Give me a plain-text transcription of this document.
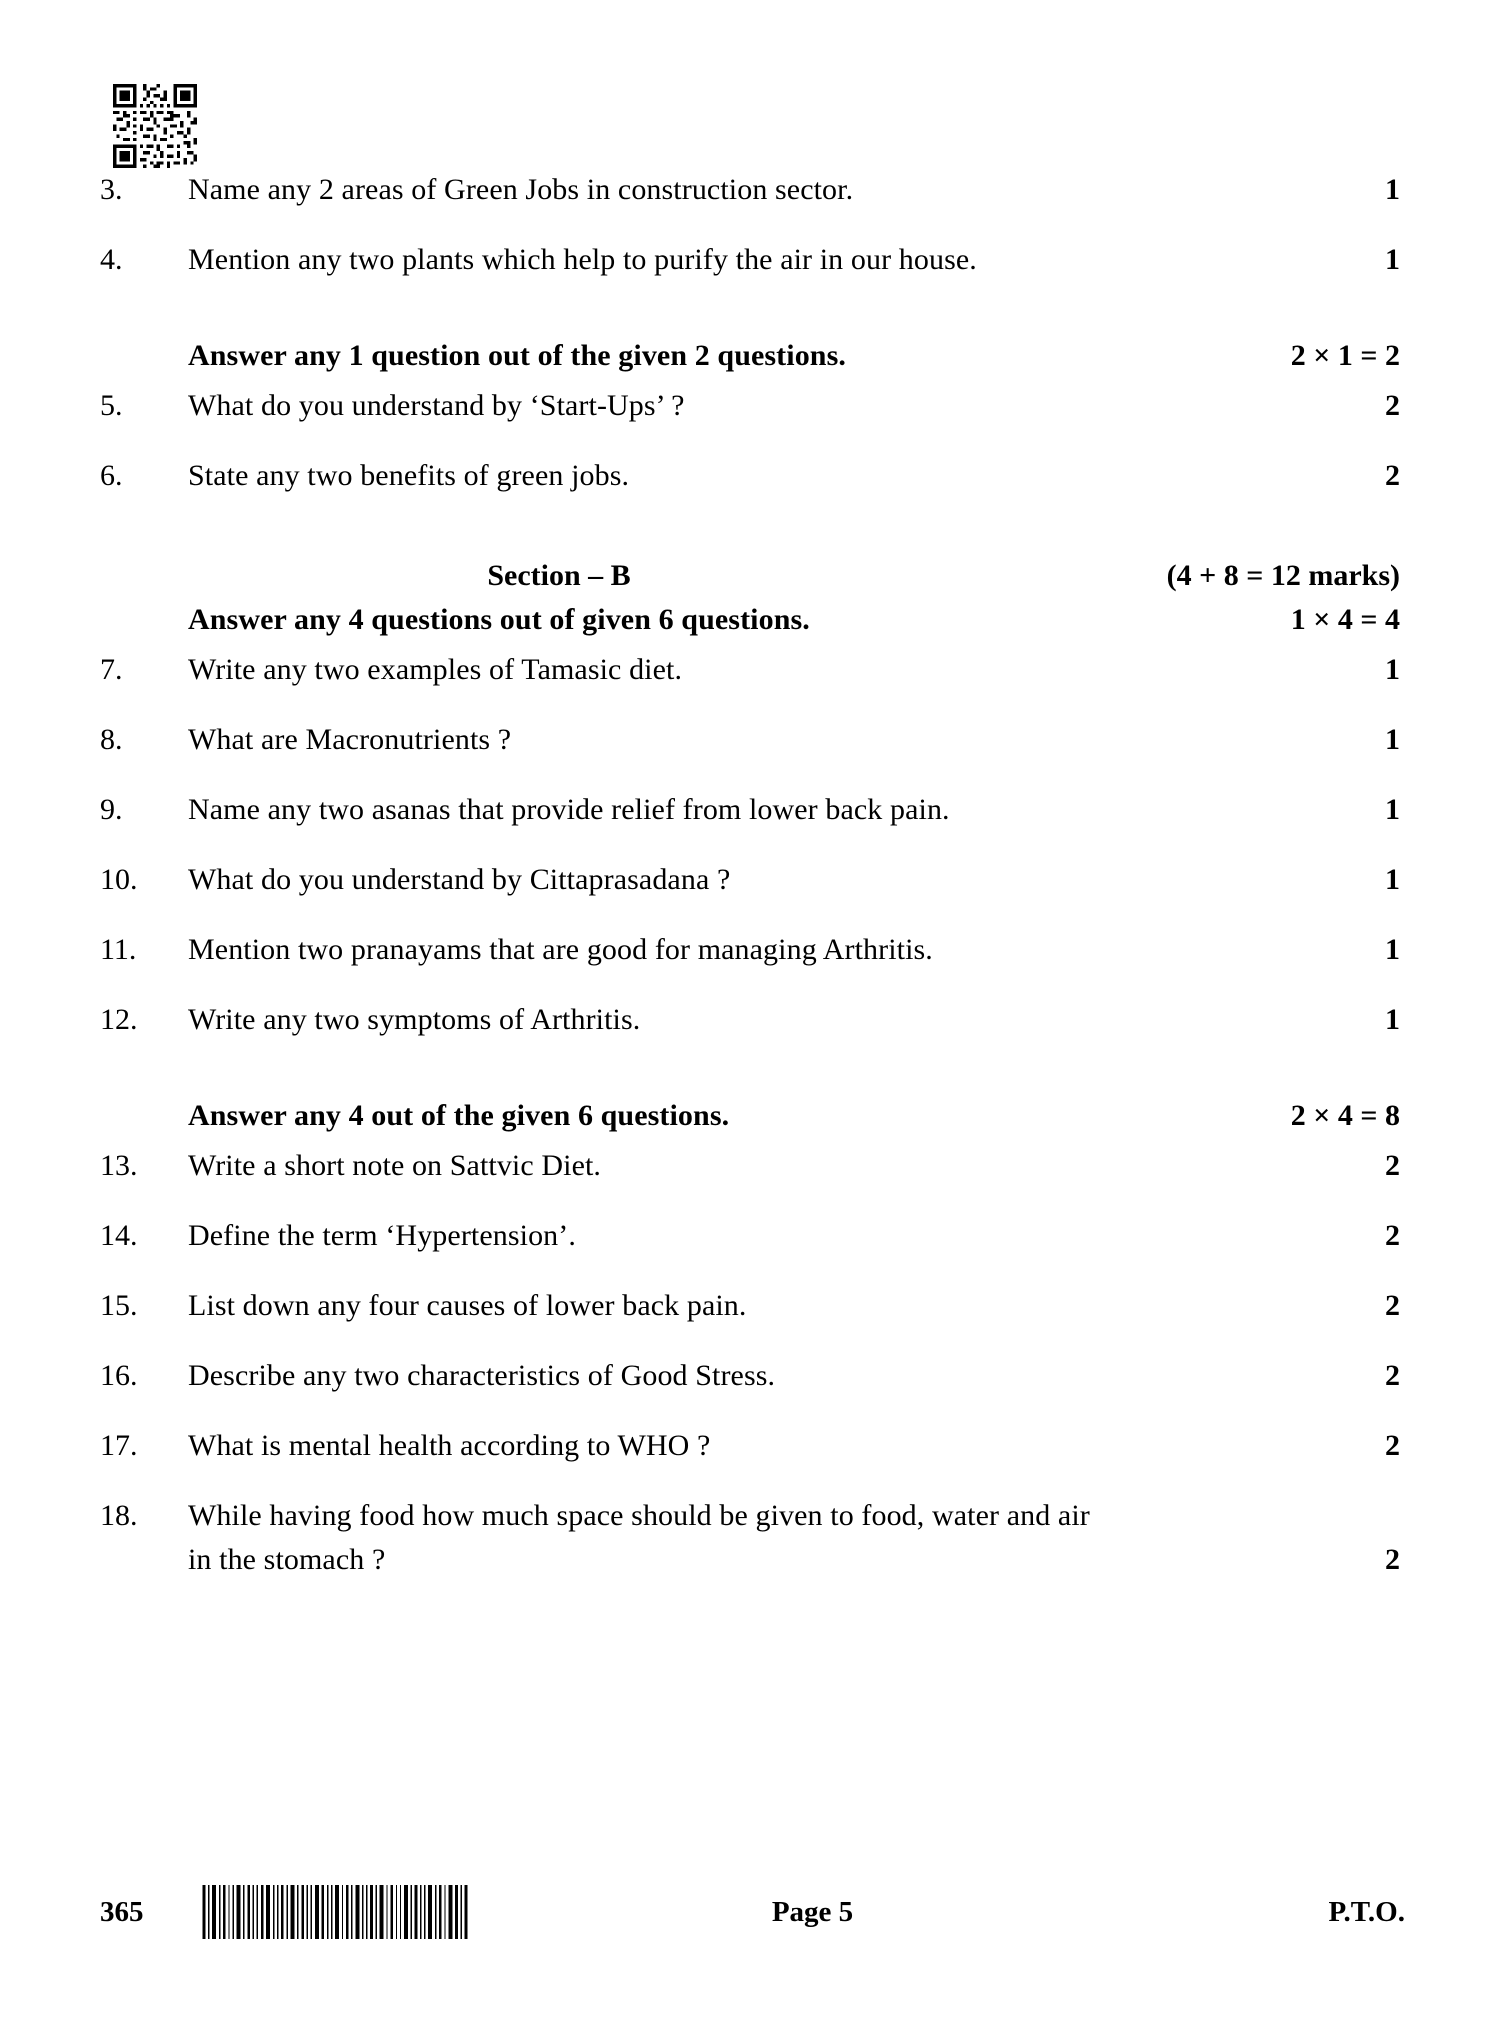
3.	Name any 2 areas of Green Jobs in construction sector.	1
4.	Mention any two plants which help to purify the air in our house.	1
Answer any 1 question out of the given 2 questions.	2 × 1 = 2
5.	What do you understand by ‘Start-Ups’ ?	2
6.	State any two benefits of green jobs.	2
Section – B	(4 + 8 = 12 marks)
Answer any 4 questions out of given 6 questions.	1 × 4 = 4
7.	Write any two examples of Tamasic diet.	1
8.	What are Macronutrients ?	1
9.	Name any two asanas that provide relief from lower back pain.	1
10.	What do you understand by Cittaprasadana ?	1
11.	Mention two pranayams that are good for managing Arthritis.	1
12.	Write any two symptoms of Arthritis.	1
Answer any 4 out of the given 6 questions.	2 × 4 = 8
13.	Write a short note on Sattvic Diet.	2
14.	Define the term ‘Hypertension’.	2
15.	List down any four causes of lower back pain.	2
16.	Describe any two characteristics of Good Stress.	2
17.	What is mental health according to WHO ?	2
18.	While having food how much space should be given to food, water and air
in the stomach ?	2
365	Page 5	P.T.O.
